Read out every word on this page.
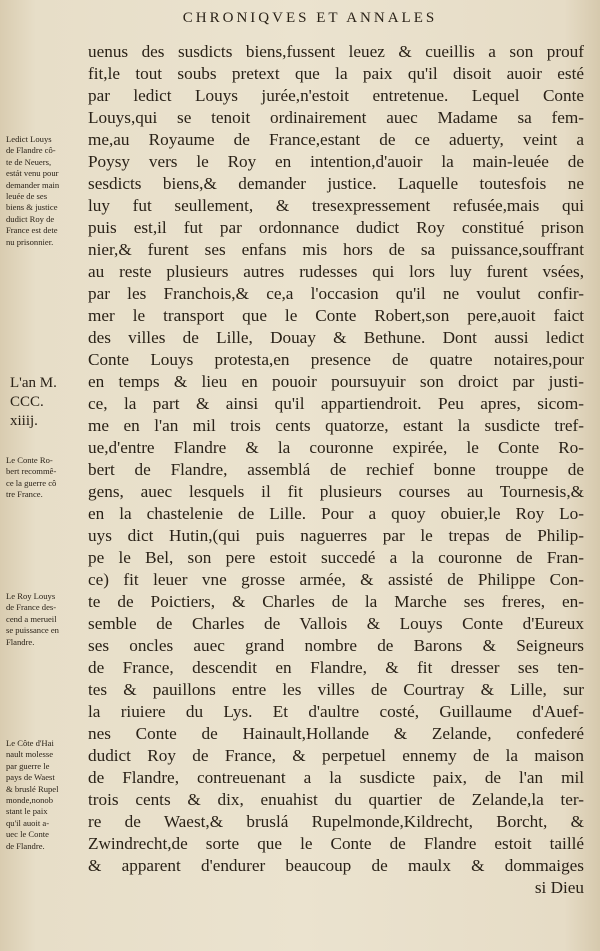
CHRONIQVES ET ANNALES
L'an M.
CCC.
xiiij.
Ledict Louys
de Flandre cô-
te de Neuers,
estát venu pour
demander main
leuée de ses
biens & justice
dudict Roy de
France est dete
nu prisonnier.
Le Conte Ro-
bert recommê-
ce la guerre cô
tre France.
Le Roy Louys
de France des-
cend a merueil
se puissance en
Flandre.
Le Côte d'Hai
nault molesse
par guerre le
pays de Waest
& bruslé Rupel
monde,nonob
stant le paix
qu'il auoit a-
uec le Conte
de Flandre.
uenus des susdicts biens,fussent leuez & cueillis a son prouf
fit,le tout soubs pretext que la paix qu'il disoit auoir esté
par ledict Louys jurée,n'estoit entretenue. Lequel Conte
Louys,qui se tenoit ordinairement auec Madame sa fem-
me,au Royaume de France,estant de ce aduerty, veint a
Poysy vers le Roy en intention,d'auoir la main-leuée de
sesdicts biens,& demander justice. Laquelle toutesfois ne
luy fut seullement, & tresexpressement refusée,mais qui
puis est,il fut par ordonnance dudict Roy constitué prison
nier,& furent ses enfans mis hors de sa puissance,souffrant
au reste plusieurs autres rudesses qui lors luy furent vsées,
par les Franchois,& ce,a l'occasion qu'il ne voulut confir-
mer le transport que le Conte Robert,son pere,auoit faict
des villes de Lille, Douay & Bethune. Dont aussi ledict
Conte Louys protesta,en presence de quatre notaires,pour
en temps & lieu en pouoir poursuyuir son droict par justi-
ce, la part & ainsi qu'il appartiendroit. Peu apres, sicom-
me en l'an mil trois cents quatorze, estant la susdicte tref-
ue,d'entre Flandre & la couronne expirée, le Conte Ro-
bert de Flandre, assemblá de rechief bonne trouppe de
gens, auec lesquels il fit plusieurs courses au Tournesis,&
en la chastelenie de Lille. Pour a quoy obuier,le Roy Lo-
uys dict Hutin,(qui puis naguerres par le trepas de Philip-
pe le Bel, son pere estoit succedé a la couronne de Fran-
ce) fit leuer vne grosse armée, & assisté de Philippe Con-
te de Poictiers, & Charles de la Marche ses freres, en-
semble de Charles de Vallois & Louys Conte d'Eureux
ses oncles auec grand nombre de Barons & Seigneurs
de France, descendit en Flandre, & fit dresser ses ten-
tes & pauillons entre les villes de Courtray & Lille, sur
la riuiere du Lys. Et d'aultre costé, Guillaume d'Auef-
nes Conte de Hainault,Hollande & Zelande, confederé
dudict Roy de France, & perpetuel ennemy de la maison
de Flandre, contreuenant a la susdicte paix, de l'an mil
trois cents & dix, enuahist du quartier de Zelande,la ter-
re de Waest,& bruslá Rupelmonde,Kildrecht, Borcht, &
Zwindrecht,de sorte que le Conte de Flandre estoit taillé
& apparent d'endurer beaucoup de maulx & dommaiges
si Dieu
